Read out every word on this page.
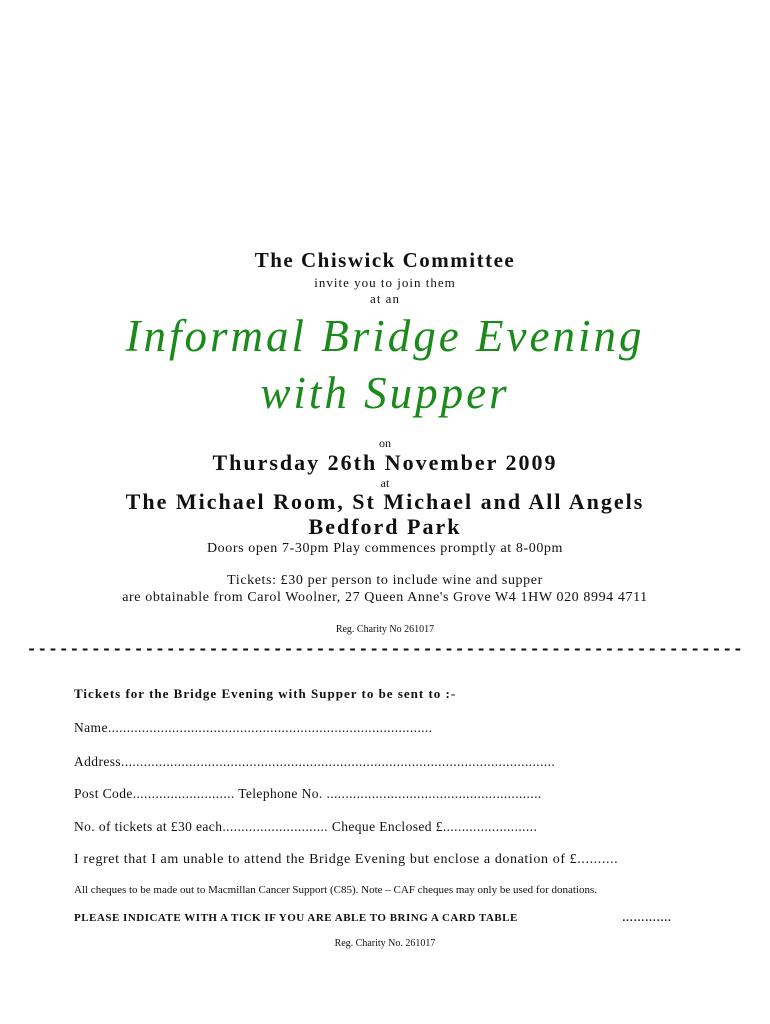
The Chiswick Committee
invite you to join them
at an
Informal Bridge Evening
with Supper
on
Thursday 26th November 2009
at
The Michael Room, St Michael and All Angels
Bedford Park
Doors open 7-30pm Play commences promptly at 8-00pm
Tickets: £30 per person to include wine and supper
are obtainable from Carol Woolner, 27 Queen Anne's Grove W4 1HW 020 8994 4711
Reg. Charity No 261017
-------------------------------------------------------------------
Tickets for the Bridge Evening with Supper to be sent to :-
Name......................................................................................
Address...................................................................................................................
Post Code........................... Telephone No. .........................................................
No. of tickets at £30 each............................ Cheque Enclosed £.........................
I regret that I am unable to attend the Bridge Evening but enclose a donation of £..........
All cheques to be made out to Macmillan Cancer Support (C85). Note – CAF cheques may only be used for donations.
PLEASE INDICATE WITH A TICK IF YOU ARE ABLE TO BRING A CARD TABLE	………….
Reg. Charity No. 261017
